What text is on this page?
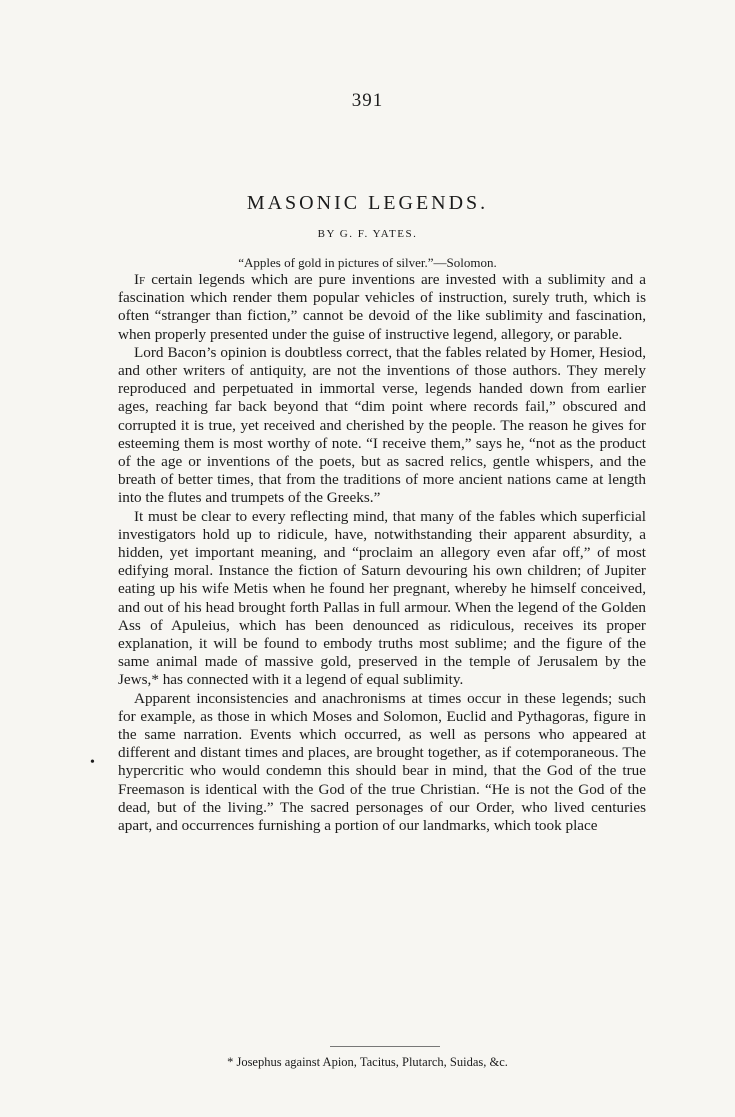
391
MASONIC LEGENDS.
BY G. F. YATES.
“Apples of gold in pictures of silver.”—Solomon.

If certain legends which are pure inventions are invested with a sublimity and a fascination which render them popular vehicles of instruction, surely truth, which is often “stranger than fiction,” cannot be devoid of the like sublimity and fascination, when properly presented under the guise of instructive legend, allegory, or parable.

Lord Bacon’s opinion is doubtless correct, that the fables related by Homer, Hesiod, and other writers of antiquity, are not the inventions of those authors. They merely reproduced and perpetuated in immortal verse, legends handed down from earlier ages, reaching far back beyond that “dim point where records fail,” obscured and corrupted it is true, yet received and cherished by the people. The reason he gives for esteeming them is most worthy of note. “I receive them,” says he, “not as the product of the age or inventions of the poets, but as sacred relics, gentle whispers, and the breath of better times, that from the traditions of more ancient nations came at length into the flutes and trumpets of the Greeks.”

It must be clear to every reflecting mind, that many of the fables which superficial investigators hold up to ridicule, have, notwithstanding their apparent absurdity, a hidden, yet important meaning, and “proclaim an allegory even afar off,” of most edifying moral. Instance the fiction of Saturn devouring his own children; of Jupiter eating up his wife Metis when he found her pregnant, whereby he himself conceived, and out of his head brought forth Pallas in full armour. When the legend of the Golden Ass of Apuleius, which has been denounced as ridiculous, receives its proper explanation, it will be found to embody truths most sublime; and the figure of the same animal made of massive gold, preserved in the temple of Jerusalem by the Jews,* has connected with it a legend of equal sublimity.

Apparent inconsistencies and anachronisms at times occur in these legends; such for example, as those in which Moses and Solomon, Euclid and Pythagoras, figure in the same narration. Events which occurred, as well as persons who appeared at different and distant times and places, are brought together, as if cotemporaneous. The hypercritic who would condemn this should bear in mind, that the God of the true Freemason is identical with the God of the true Christian. “He is not the God of the dead, but of the living.” The sacred personages of our Order, who lived centuries apart, and occurrences furnishing a portion of our landmarks, which took place

•
* Josephus against Apion, Tacitus, Plutarch, Suidas, &c.
